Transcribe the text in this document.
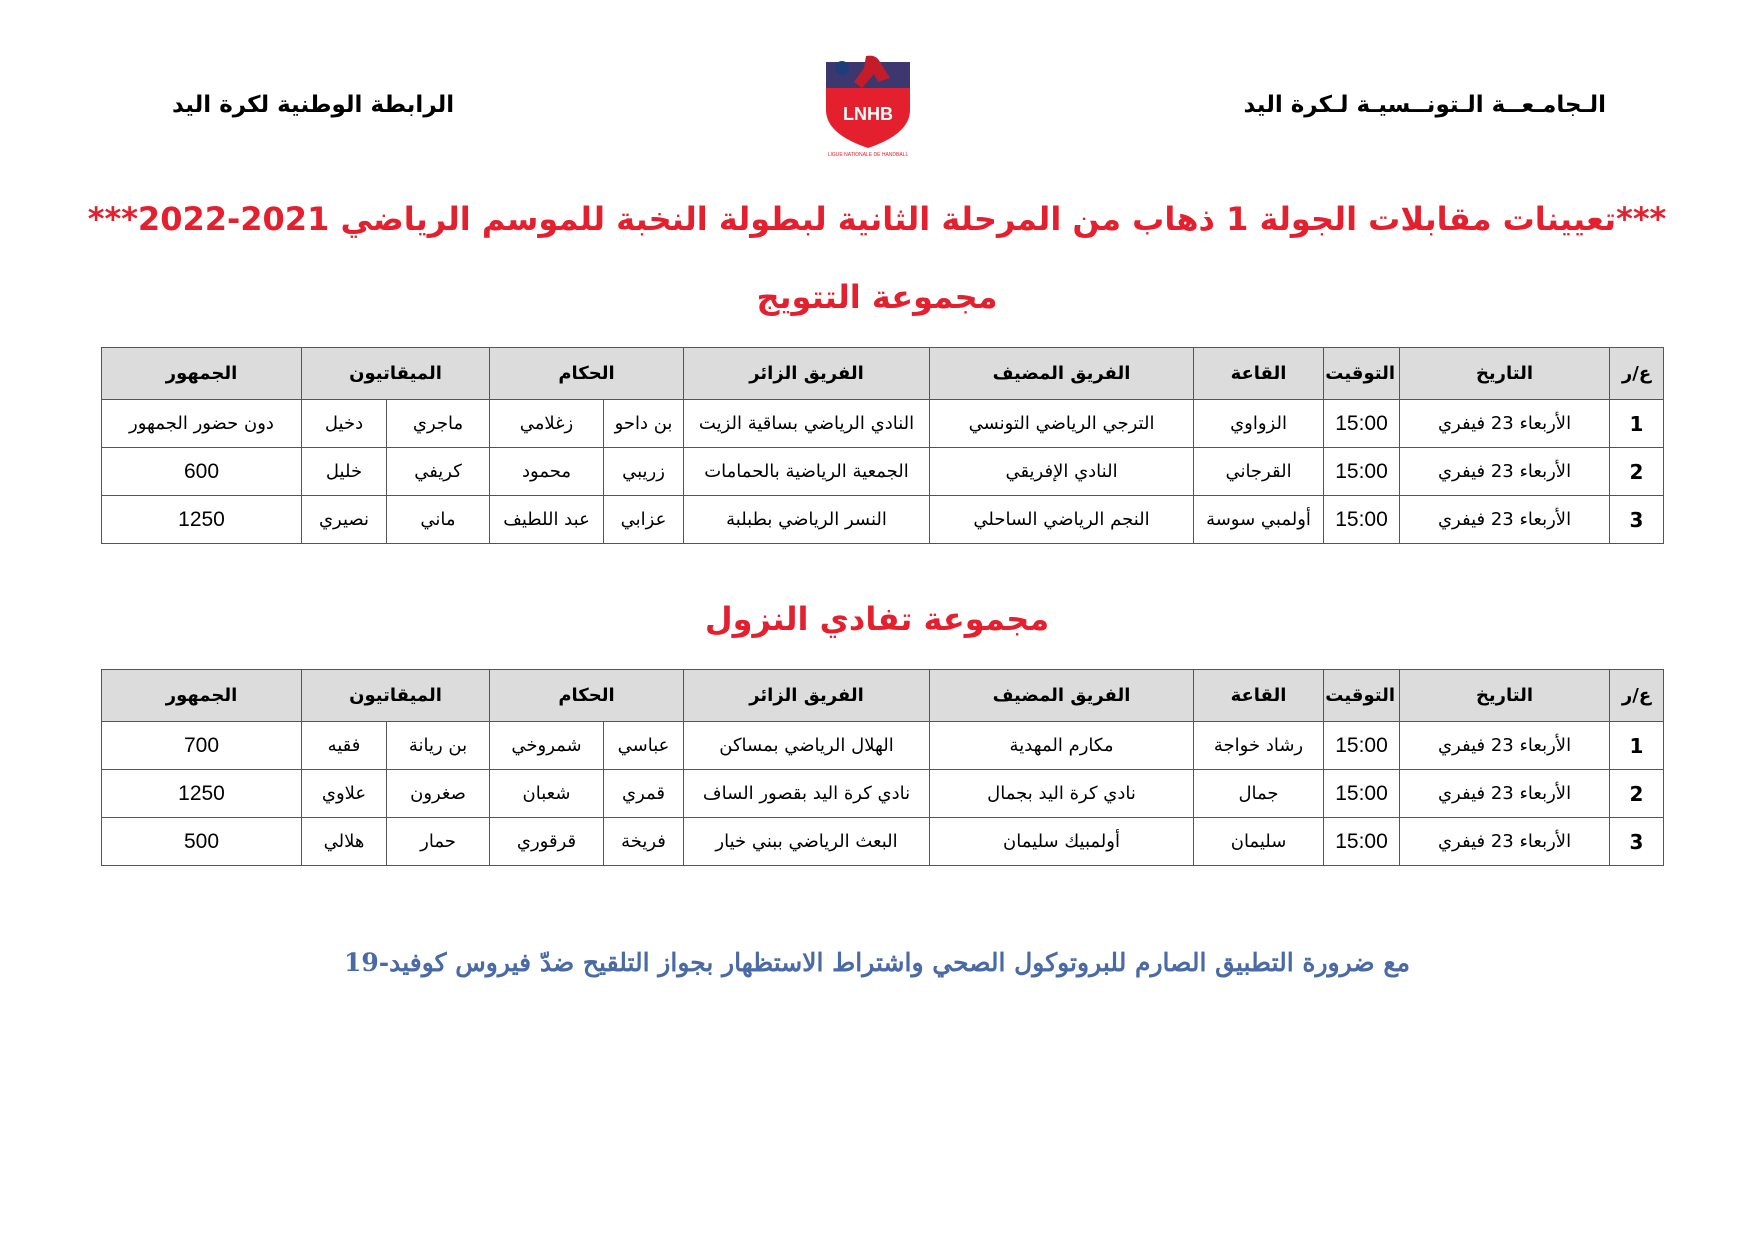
الـجامـعــة الـتونــسيـة لـكرة اليد
الرابطة الوطنية لكرة اليد	LNHB
LIGUE NATIONALE DE HANDBALL
***تعيينات مقابلات الجولة 1 ذهاب من المرحلة الثانية لبطولة النخبة للموسم الرياضي 2021-2022***
مجموعة التتويج
ع/ر	التاريخ	التوقيت	القاعة	الفريق المضيف	الفريق الزائر	الحكام		الميقاتيون		الجمهور
1	الأربعاء 23 فيفري	15:00	الزواوي	الترجي الرياضي التونسي	النادي الرياضي بساقية الزيت	بن داحو	زغلامي	ماجري	دخيل	دون حضور الجمهور
2	الأربعاء 23 فيفري	15:00	القرجاني	النادي الإفريقي	الجمعية الرياضية بالحمامات	زريبي	محمود	كريفي	خليل	600
3	الأربعاء 23 فيفري	15:00	أولمبي سوسة	النجم الرياضي الساحلي	النسر الرياضي بطبلبة	عزابي	عبد اللطيف	ماني	نصيري	1250
مجموعة تفادي النزول
ع/ر	التاريخ	التوقيت	القاعة	الفريق المضيف	الفريق الزائر	الحكام		الميقاتيون		الجمهور
1	الأربعاء 23 فيفري	15:00	رشاد خواجة	مكارم المهدية	الهلال الرياضي بمساكن	عباسي	شمروخي	بن ريانة	فقيه	700
2	الأربعاء 23 فيفري	15:00	جمال	نادي كرة اليد بجمال	نادي كرة اليد بقصور الساف	قمري	شعبان	صغرون	علاوي	1250
3	الأربعاء 23 فيفري	15:00	سليمان	أولمبيك سليمان	البعث الرياضي ببني خيار	فريخة	قرقوري	حمار	هلالي	500
مع ضرورة التطبيق الصارم للبروتوكول الصحي واشتراط الاستظهار بجواز التلقيح ضدّ فيروس كوفيد-19
